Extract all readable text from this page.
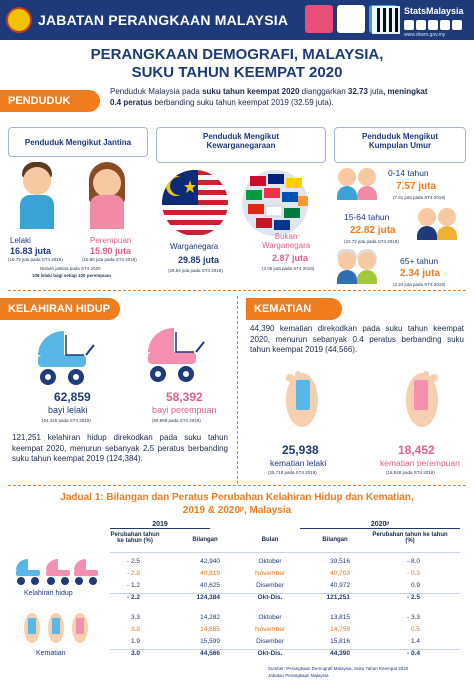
JABATAN PERANGKAAN MALAYSIA
StatsMalaysia
www.dosm.gov.my
PERANGKAAN DEMOGRAFI, MALAYSIA,
SUKU TAHUN KEEMPAT 2020
PENDUDUK
Penduduk Malaysia pada suku tahun keempat 2020 dianggarkan 32.73 juta, meningkat
0.4 peratus berbanding suku tahun keempat 2019 (32.59 juta).
Penduduk Mengikut Jantina
Lelaki	Perempuan
16.83 juta	15.90 juta
(16.79 juta pada ST4 2019)	(15.80 juta pada ST4 2019)
Nisbah jantina pada ST4 2020
106 lelaki bagi setiap 100 perempuan
Penduduk Mengikut
Kewarganegaraan
Warganegara
Bukan
Warganegara
29.85 juta	2.87 juta
(29.54 juta pada ST4 2019)	(3.05 juta pada ST4 2019)
Penduduk Mengikut
Kumpulan Umur
0-14 tahun
7.57 juta
(7.61 juta pada ST4 2019)
15-64 tahun
22.82 juta
(22.72 juta pada ST4 2019)
65+ tahun
2.34 juta
(2.24 juta pada ST4 2019)
KELAHIRAN HIDUP
62,859
bayi lelaki
(64,415 pada ST4 2019)
58,392
bayi perempuan
(59,969 pada ST4 2019)
121,251 kelahiran hidup direkodkan pada suku tahun keempat 2020, menurun sebanyak 2.5 peratus berbanding suku tahun keempat 2019 (124,384).
KEMATIAN
44,390 kematian direkodkan pada suku tahun keempat 2020, menurun sebanyak 0.4 peratus berbanding suku tahun keempat 2019 (44,566).
25,938
kematian lelaki
(25,718 pada ST4 2019)
18,452
kematian perempuan
(18,848 pada ST4 2019)
Jadual 1: Bilangan dan Peratus Perubahan Kelahiran Hidup dan Kematian,
2019 & 2020ᵖ, Malaysia
2019	2020ᵖ
Perubahan tahun ke tahun (%)	Bilangan	Bulan	Bilangan
Perubahan tahun ke tahun (%)
Kelahiran hidup
Kematian
- 2.5	42,940	Oktober	39,516	- 8.0
- 2.8	40,819	November	40,703	- 0.3
- 1.2	40,625	Disember	40,972	0.9
- 2.2	124,384	Okt-Dis.	121,251	- 2.5
3.3	14,282	Oktober	13,815	- 3.3
3.8	14,685	November	14,759	0.5
1.9	15,599	Disember	15,816	1.4
3.0	44,566	Okt-Dis.	44,390	- 0.4
Sumber: Perangkaan Demografi Malaysia, Suku Tahun Keempat 2020
Jabatan Perangkaan Malaysia
